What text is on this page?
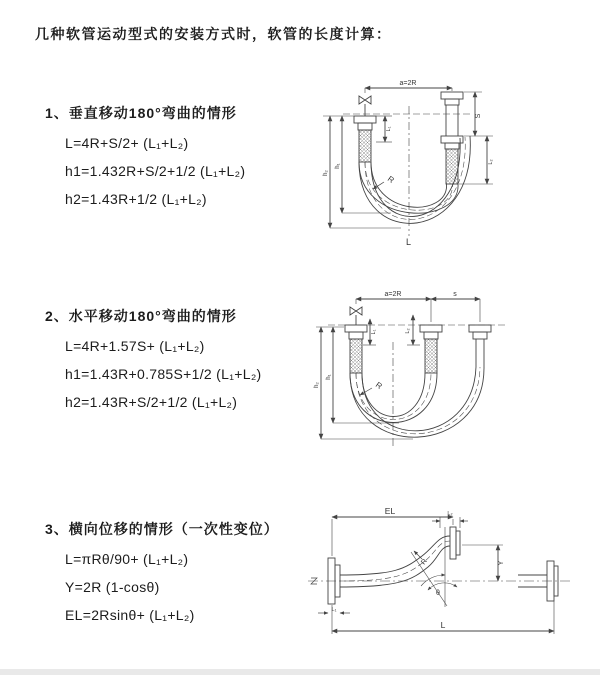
几种软管运动型式的安装方式时，软管的长度计算：
1、垂直移动180°弯曲的情形
L=4R+S/2+ (L₁+L₂)
h1=1.432R+S/2+1/2 (L₁+L₂)
h2=1.43R+1/2 (L₁+L₂)
a=2R
S
L₂
L₁
h₁
h₂
R
L
2、水平移动180°弯曲的情形
L=4R+1.57S+ (L₁+L₂)
h1=1.43R+0.785S+1/2 (L₁+L₂)
h2=1.43R+S/2+1/2 (L₁+L₂)
a=2R	s
L₁	L₂
h₁
h₂	R
3、横向位移的情形（一次性变位）
L=πRθ/90+ (L₁+L₂)
Y=2R (1-cosθ)
EL=2Rsinθ+ (L₁+L₂)
EL	L₂
Y
R
θ
L₁
L
